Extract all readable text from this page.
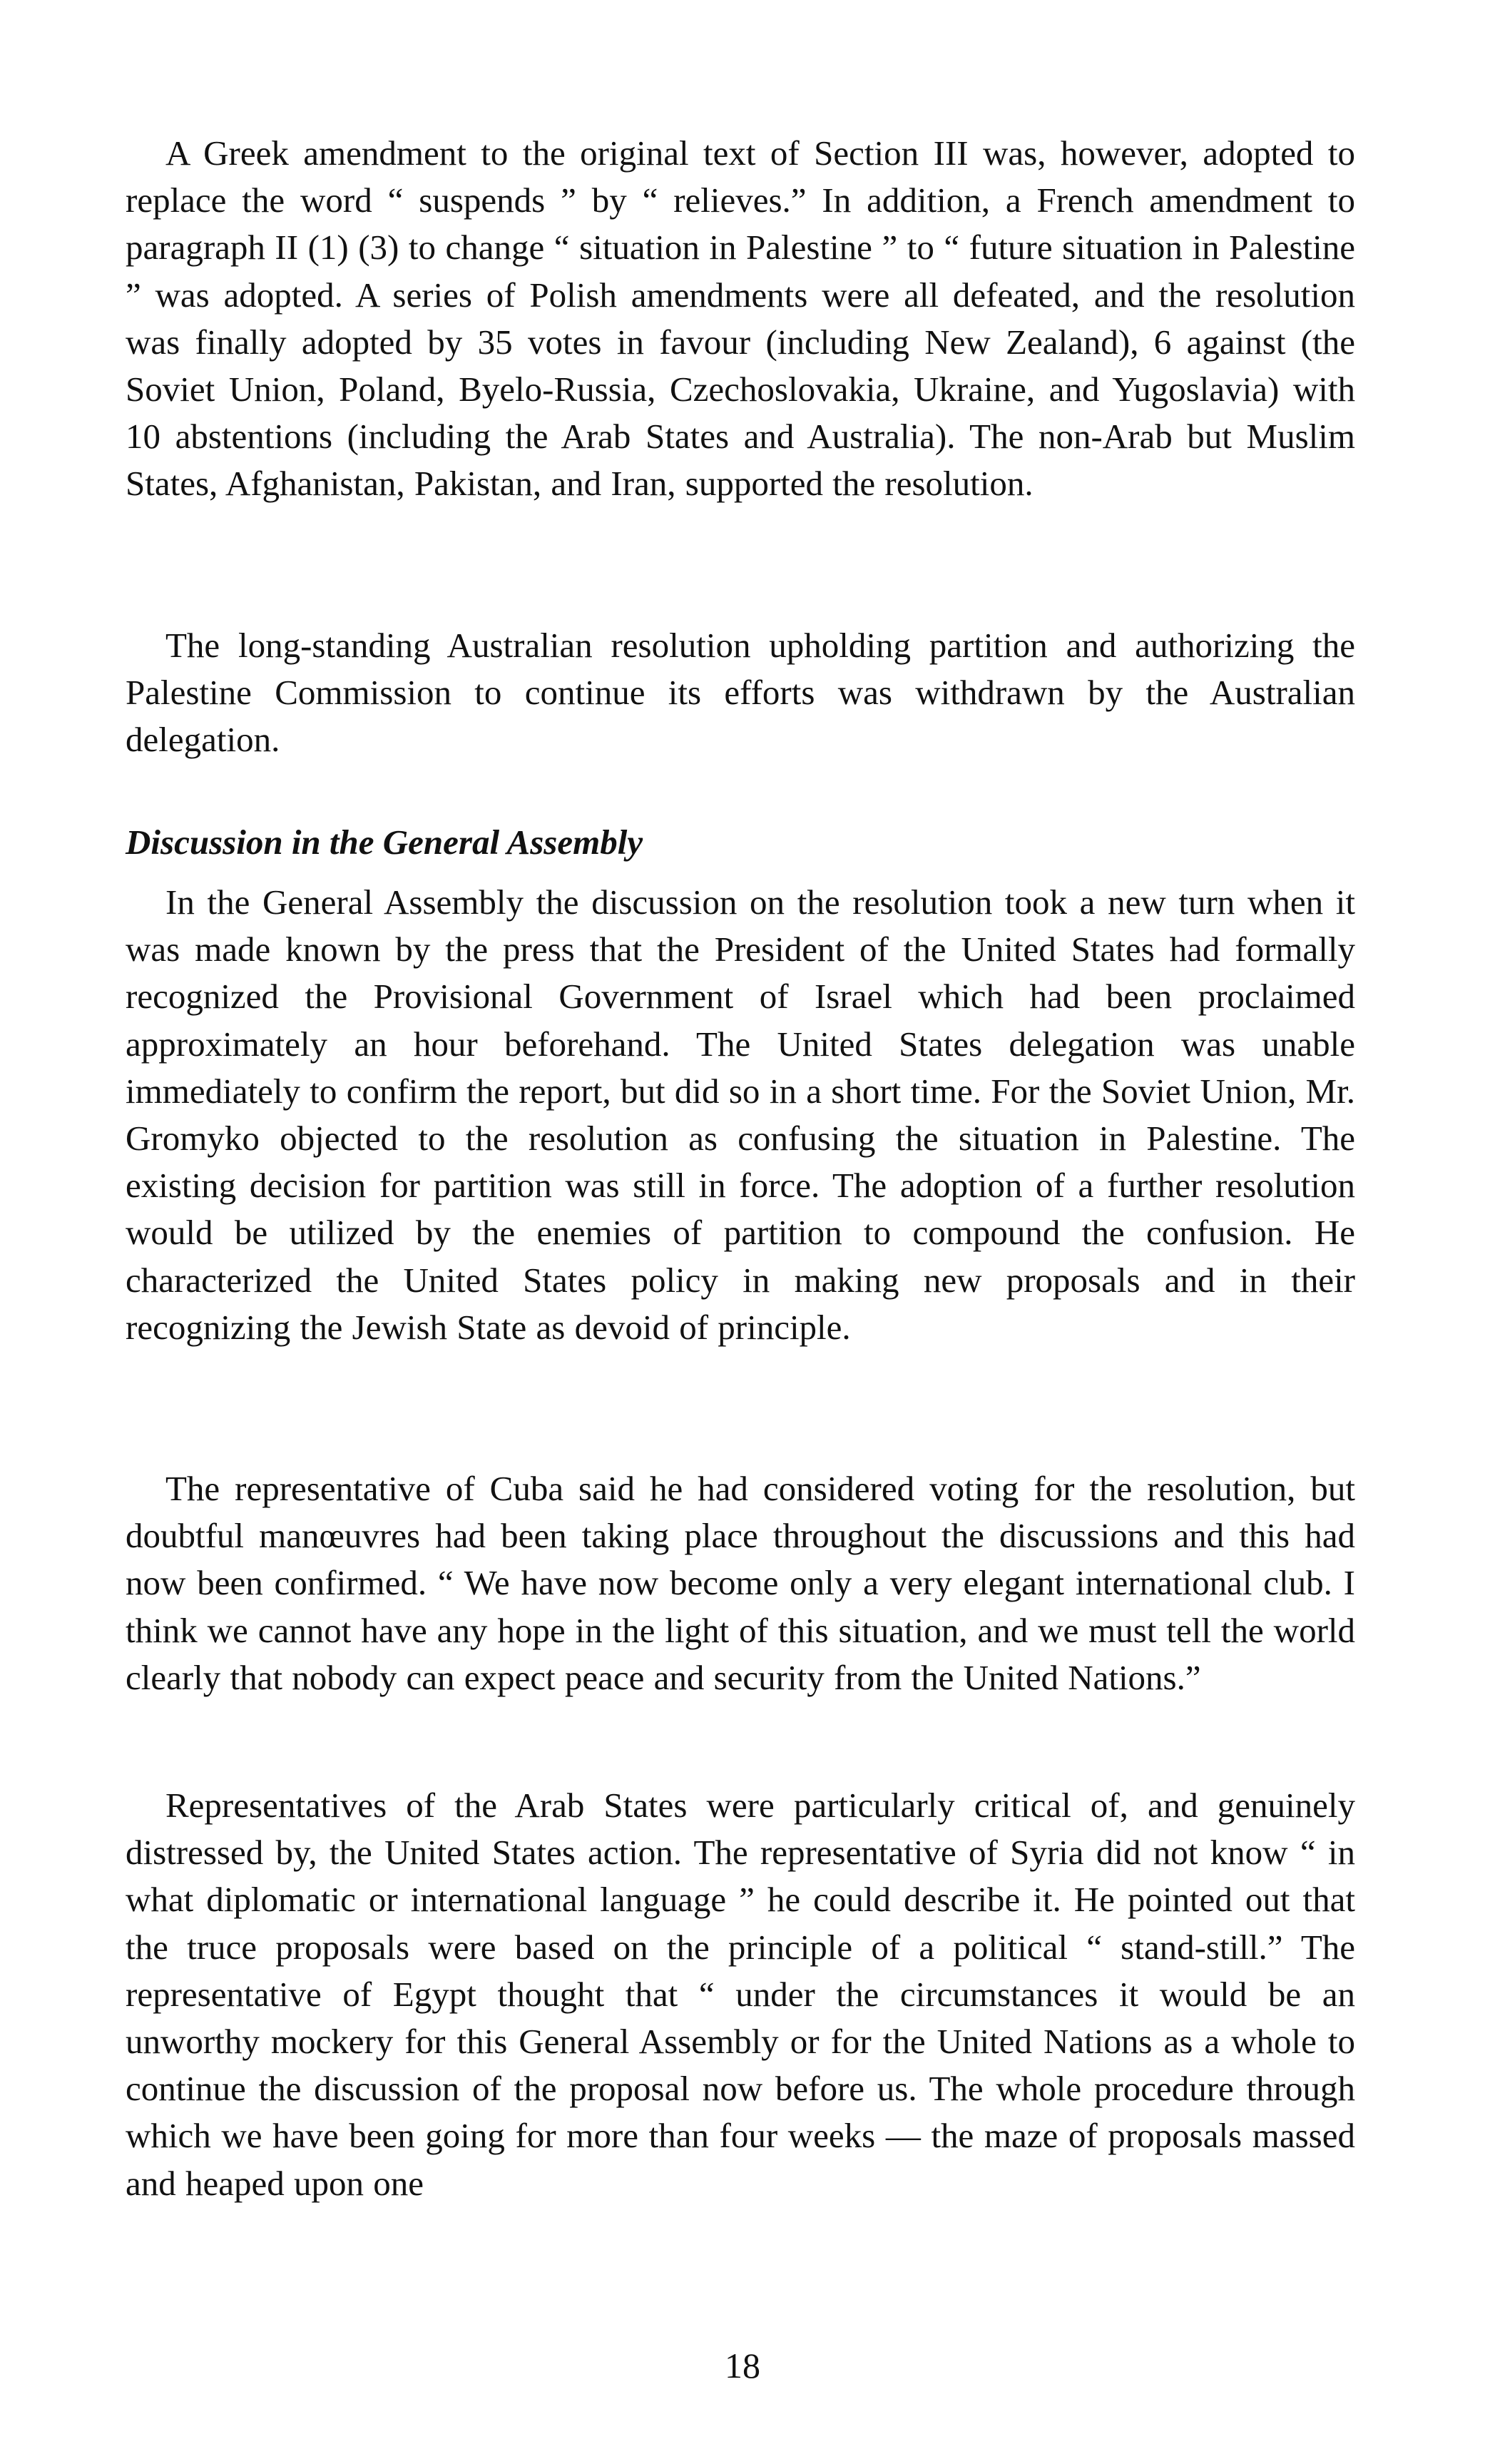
A Greek amendment to the original text of Section III was, however, adopted to replace the word “ suspends ” by “ relieves.” In addition, a French amendment to paragraph II (1) (3) to change “ situation in Palestine ” to “ future situation in Palestine ” was adopted. A series of Polish amendments were all defeated, and the resolution was finally adopted by 35 votes in favour (including New Zealand), 6 against (the Soviet Union, Poland, Byelo-Russia, Czechoslovakia, Ukraine, and Yugoslavia) with 10 abstentions (including the Arab States and Australia). The non-Arab but Muslim States, Afghanistan, Pakistan, and Iran, supported the resolution.

The long-standing Australian resolution upholding partition and authorizing the Palestine Commission to continue its efforts was withdrawn by the Australian delegation.

Discussion in the General Assembly

In the General Assembly the discussion on the resolution took a new turn when it was made known by the press that the President of the United States had formally recognized the Provisional Government of Israel which had been proclaimed approximately an hour beforehand. The United States delegation was unable immediately to confirm the report, but did so in a short time. For the Soviet Union, Mr. Gromyko objected to the resolution as confusing the situation in Palestine. The existing decision for partition was still in force. The adoption of a further resolution would be utilized by the enemies of partition to compound the confusion. He characterized the United States policy in making new proposals and in their recognizing the Jewish State as devoid of principle.

The representative of Cuba said he had considered voting for the resolution, but doubtful manœuvres had been taking place throughout the discussions and this had now been confirmed. “ We have now become only a very elegant international club. I think we cannot have any hope in the light of this situation, and we must tell the world clearly that nobody can expect peace and security from the United Nations.”

Representatives of the Arab States were particularly critical of, and genuinely distressed by, the United States action. The representative of Syria did not know “ in what diplomatic or international language ” he could describe it. He pointed out that the truce proposals were based on the principle of a political “ stand-still.” The representative of Egypt thought that “ under the circumstances it would be an unworthy mockery for this General Assembly or for the United Nations as a whole to continue the discussion of the proposal now before us. The whole procedure through which we have been going for more than four weeks — the maze of proposals massed and heaped upon one

18
